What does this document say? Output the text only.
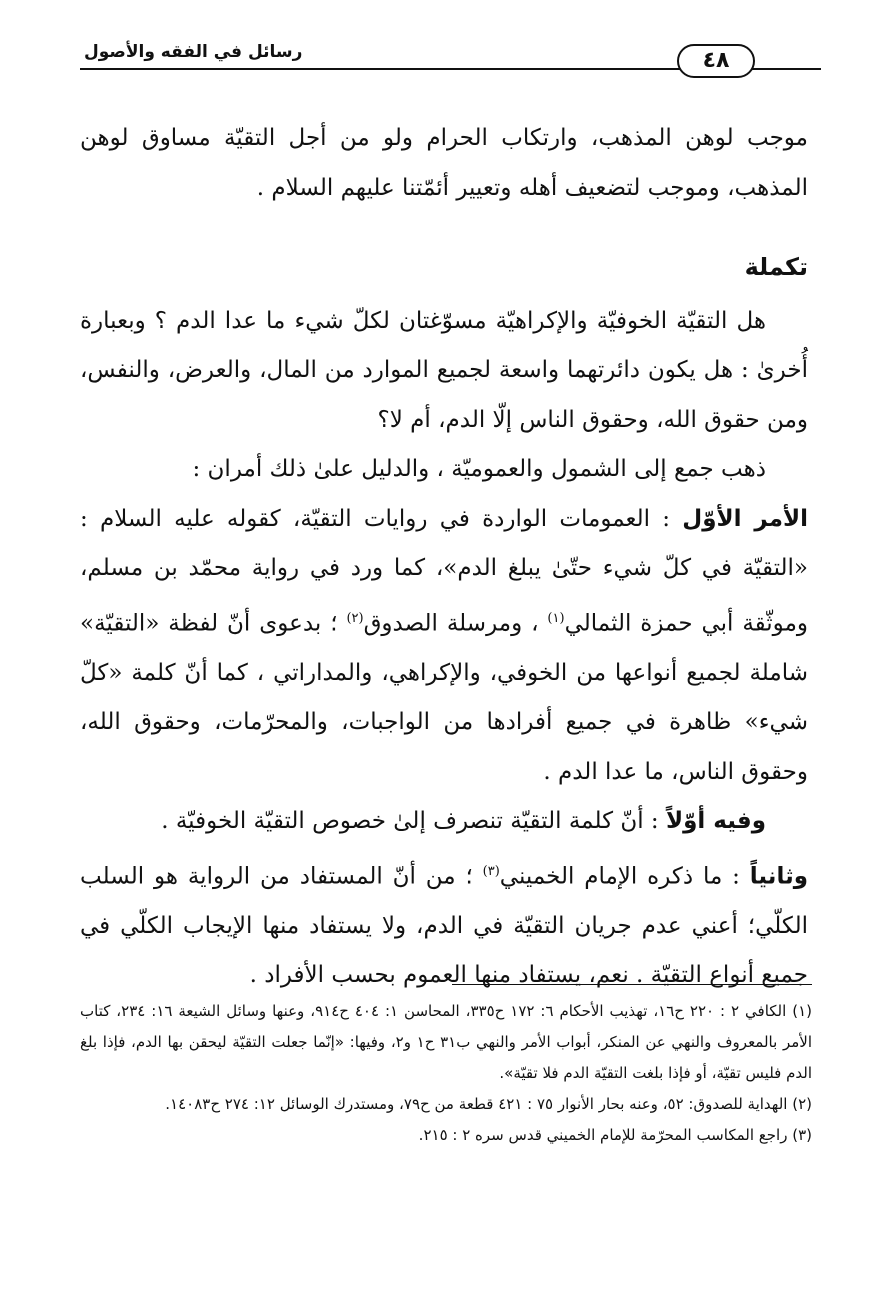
٤٨
رسائل في الفقه والأصول

موجب لوهن المذهب، وارتكاب الحرام ولو من أجل التقيّة مساوق لوهن المذهب، وموجب لتضعيف أهله وتعيير أئمّتنا عليهم السلام .

تكملة

هل التقيّة الخوفيّة والإكراهيّة مسوّغتان لكلّ شيء ما عدا الدم ؟ وبعبارة أُخرىٰ : هل يكون دائرتهما واسعة لجميع الموارد من المال، والعرض، والنفس، ومن حقوق الله، وحقوق الناس إلّا الدم، أم لا؟

ذهب جمع إلى الشمول والعموميّة ، والدليل علىٰ ذلك أمران :

الأمر الأوّل : العمومات الواردة في روايات التقيّة، كقوله عليه السلام : «التقيّة في كلّ شيء حتّىٰ يبلغ الدم»، كما ورد في رواية محمّد بن مسلم، وموثّقة أبي حمزة الثمالي$^{(١)}$ ، ومرسلة الصدوق$^{(٢)}$ ؛ بدعوى أنّ لفظة «التقيّة» شاملة لجميع أنواعها من الخوفي، والإكراهي، والمداراتي ، كما أنّ كلمة «كلّ شيء» ظاهرة في جميع أفرادها من الواجبات، والمحرّمات، وحقوق الله، وحقوق الناس، ما عدا الدم .

وفيه أوّلاً : أنّ كلمة التقيّة تنصرف إلىٰ خصوص التقيّة الخوفيّة .

وثانياً : ما ذكره الإمام الخميني$^{(٣)}$ ؛ من أنّ المستفاد من الرواية هو السلب الكلّي؛ أعني عدم جريان التقيّة في الدم، ولا يستفاد منها الإيجاب الكلّي في جميع أنواع التقيّة . نعم، يستفاد منها العموم بحسب الأفراد .

(١) الكافي ٢ : ٢٢٠ ح١٦، تهذيب الأحكام ٦: ١٧٢ ح٣٣٥، المحاسن ١: ٤٠٤ ح٩١٤، وعنها وسائل الشيعة ١٦: ٢٣٤، كتاب الأمر بالمعروف والنهي عن المنكر، أبواب الأمر والنهي ب٣١ ح١ و٢، وفيها: «إنّما جعلت التقيّة ليحقن بها الدم، فإذا بلغ الدم فليس تقيّة، أو فإذا بلغت التقيّة الدم فلا تقيّة».

(٢) الهداية للصدوق: ٥٢، وعنه بحار الأنوار ٧٥ : ٤٢١ قطعة من ح٧٩، ومستدرك الوسائل ١٢: ٢٧٤ ح١٤٠٨٣.

(٣) راجع المكاسب المحرّمة للإمام الخميني قدس سره ٢ : ٢١٥.
